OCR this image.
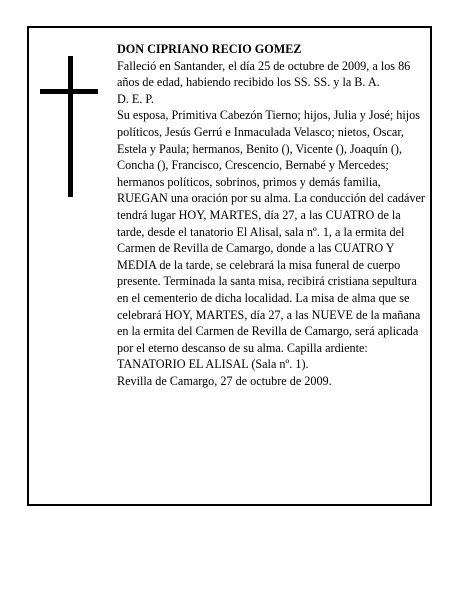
DON CIPRIANO RECIO GOMEZ

Falleció en Santander, el día 25 de octubre de 2009, a los 86 años de edad, habiendo recibido los SS. SS. y la B. A.

D. E. P.

Su esposa, Primitiva Cabezón Tierno; hijos, Julia y José; hijos políticos, Jesús Gerrú e Inmaculada Velasco; nietos, Oscar, Estela y Paula; hermanos, Benito (), Vicente (), Joaquín (), Concha (), Francisco, Crescencio, Bernabé y Mercedes; hermanos políticos, sobrinos, primos y demás familia,

RUEGAN una oración por su alma. La conducción del cadáver tendrá lugar HOY, MARTES, día 27, a las CUATRO de la tarde, desde el tanatorio El Alisal, sala nº. 1, a la ermita del Carmen de Revilla de Camargo, donde a las CUATRO Y MEDIA de la tarde, se celebrará la misa funeral de cuerpo presente. Terminada la santa misa, recibirá cristiana sepultura en el cementerio de dicha localidad. La misa de alma que se celebrará HOY, MARTES, día 27, a las NUEVE de la mañana en la ermita del Carmen de Revilla de Camargo, será aplicada por el eterno descanso de su alma. Capilla ardiente: TANATORIO EL ALISAL (Sala nº. 1).

Revilla de Camargo, 27 de octubre de 2009.
